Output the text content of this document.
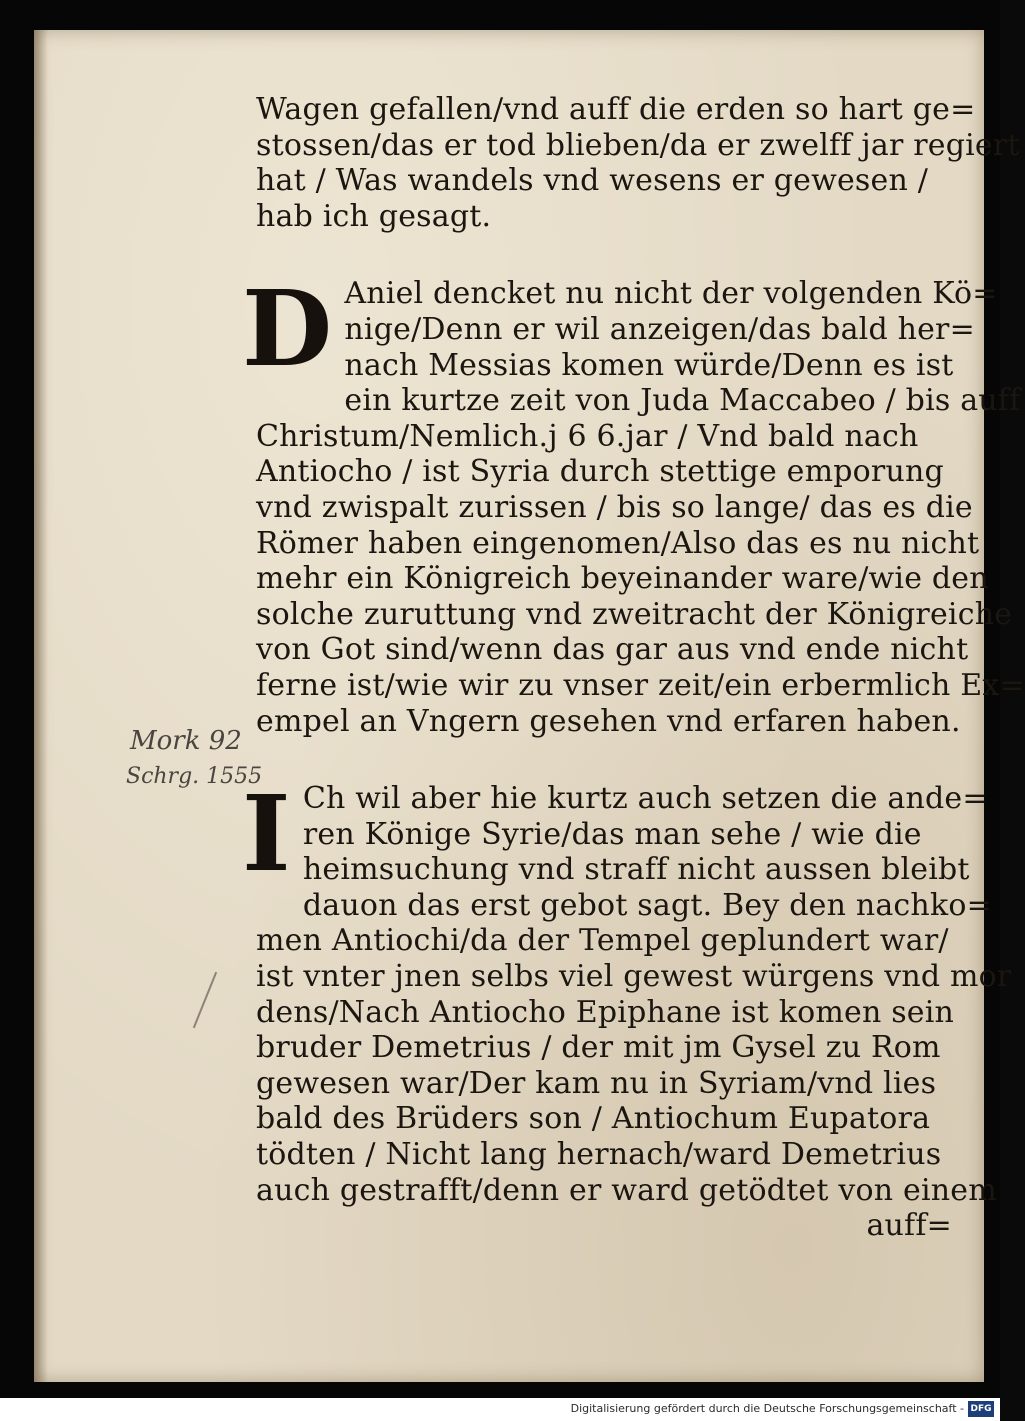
Wagen gefallen/vnd auff die erden so hart ge=
stossen/das er tod blieben/da er zwelff jar regiert
hat / Was wandels vnd wesens er gewesen /
hab ich gesagt.
D Aniel dencket nu nicht der volgenden Kö=
nige/Denn er wil anzeigen/das bald her=
nach Messias komen würde/Denn es ist
ein kurtze zeit von Juda Maccabeo / bis auff
Christum/Nemlich.j 6 6.jar / Vnd bald nach
Antiocho / ist Syria durch stettige emporung
vnd zwispalt zurissen / bis so lange/ das es die
Römer haben eingenomen/Also das es nu nicht
mehr ein Königreich beyeinander ware/wie den
solche zuruttung vnd zweitracht der Königreiche
von Got sind/wenn das gar aus vnd ende nicht
ferne ist/wie wir zu vnser zeit/ein erbermlich Ex=
empel an Vngern gesehen vnd erfaren haben.
I Ch wil aber hie kurtz auch setzen die ande=
ren Könige Syrie/das man sehe / wie die
heimsuchung vnd straff nicht aussen bleibt
dauon das erst gebot sagt. Bey den nachko=
men Antiochi/da der Tempel geplundert war/
ist vnter jnen selbs viel gewest würgens vnd mor
dens/Nach Antiocho Epiphane ist komen sein
bruder Demetrius / der mit jm Gysel zu Rom
gewesen war/Der kam nu in Syriam/vnd lies
bald des Brüders son / Antiochum Eupatora
tödten / Nicht lang hernach/ward Demetrius
auch gestrafft/denn er ward getödtet von einem
auff=
Mork 92
Schrg. 1555
Digitalisierung gefördert durch die Deutsche Forschungsgemeinschaft - DFG
